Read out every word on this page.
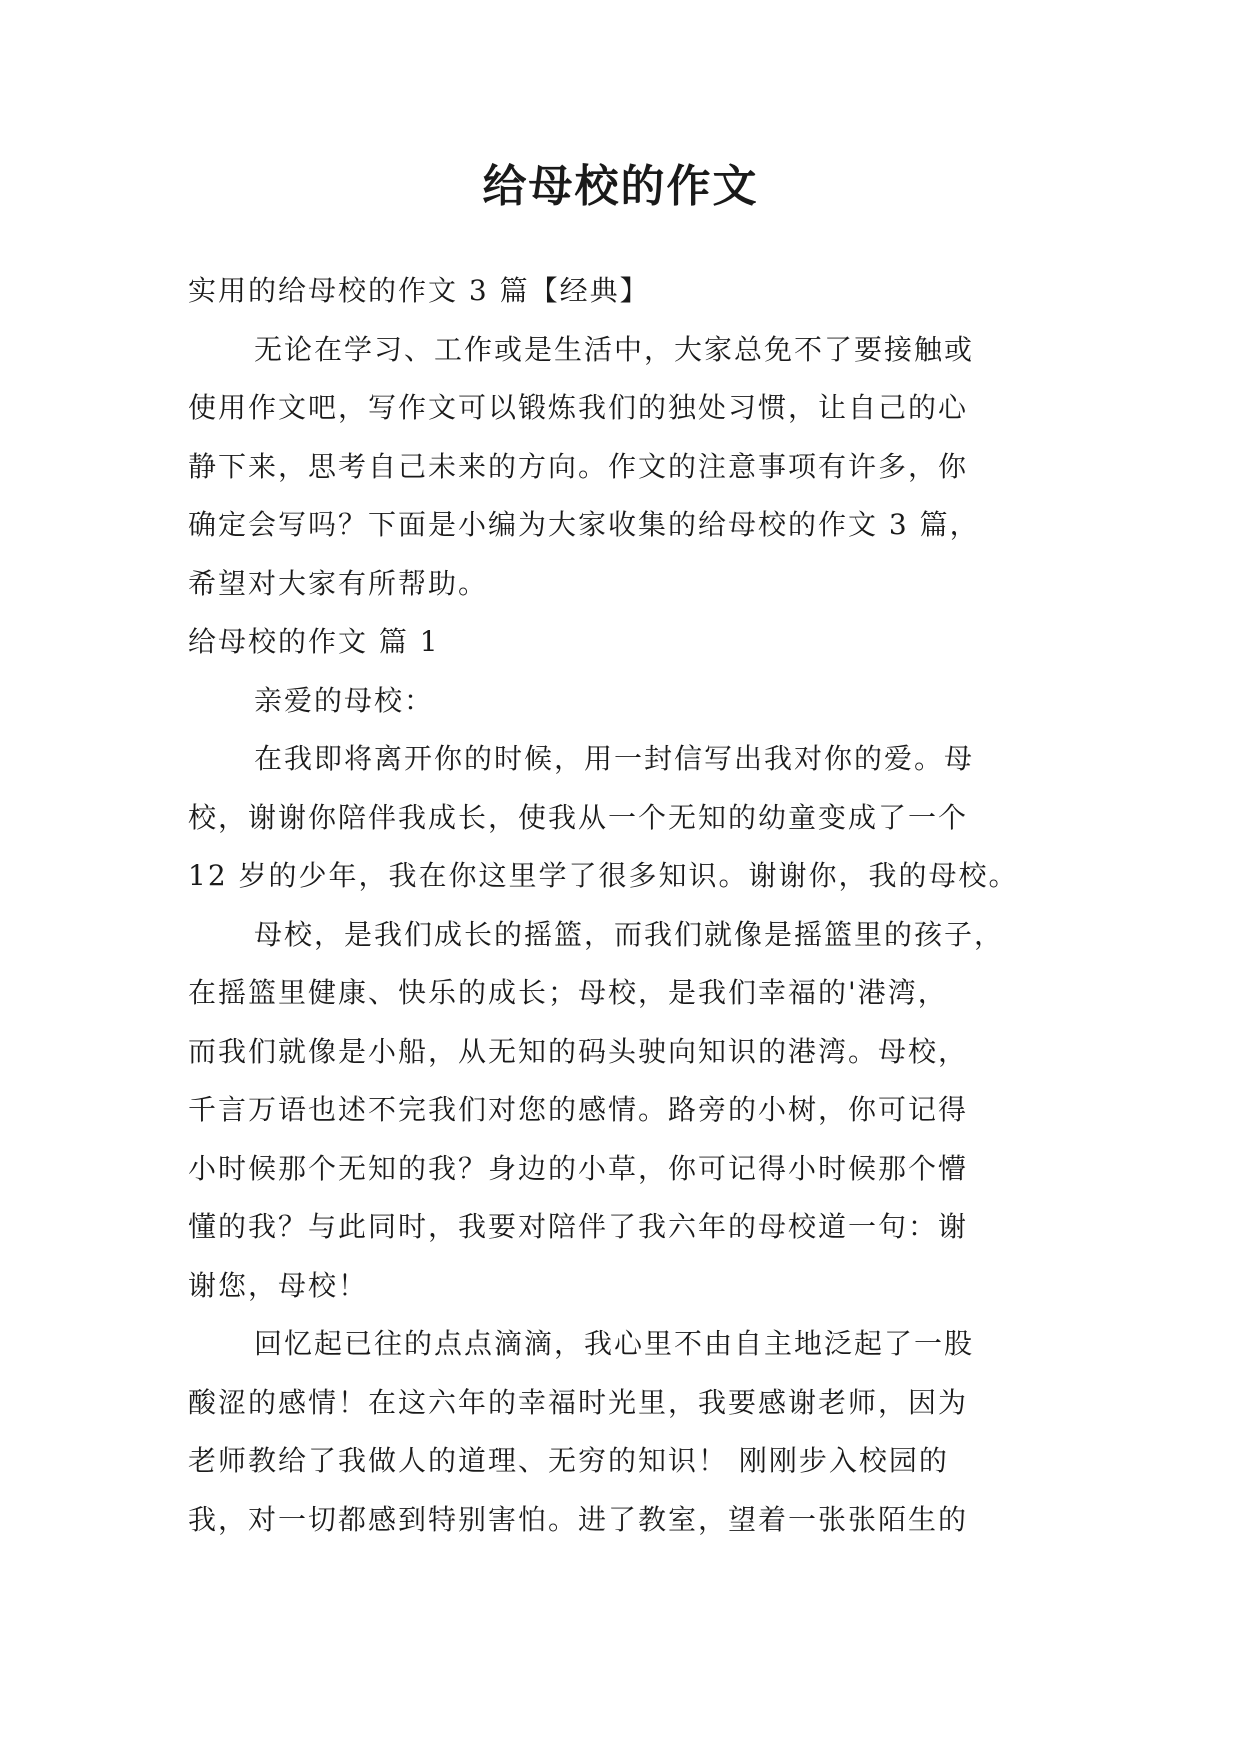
给母校的作文
实用的给母校的作文 3 篇【经典】
无论在学习、工作或是生活中，大家总免不了要接触或
使用作文吧，写作文可以锻炼我们的独处习惯，让自己的心
静下来，思考自己未来的方向。作文的注意事项有许多，你
确定会写吗？下面是小编为大家收集的给母校的作文 3 篇，
希望对大家有所帮助。
给母校的作文 篇 1
亲爱的母校：
在我即将离开你的时候，用一封信写出我对你的爱。母
校，谢谢你陪伴我成长，使我从一个无知的幼童变成了一个
12 岁的少年，我在你这里学了很多知识。谢谢你，我的母校。
母校，是我们成长的摇篮，而我们就像是摇篮里的孩子，
在摇篮里健康、快乐的成长；母校，是我们幸福的'港湾，
而我们就像是小船，从无知的码头驶向知识的港湾。母校，
千言万语也述不完我们对您的感情。路旁的小树，你可记得
小时候那个无知的我？身边的小草，你可记得小时候那个懵
懂的我？与此同时，我要对陪伴了我六年的母校道一句：谢
谢您，母校！
回忆起已往的点点滴滴，我心里不由自主地泛起了一股
酸涩的感情！在这六年的幸福时光里，我要感谢老师，因为
老师教给了我做人的道理、无穷的知识！ 刚刚步入校园的
我，对一切都感到特别害怕。进了教室，望着一张张陌生的
